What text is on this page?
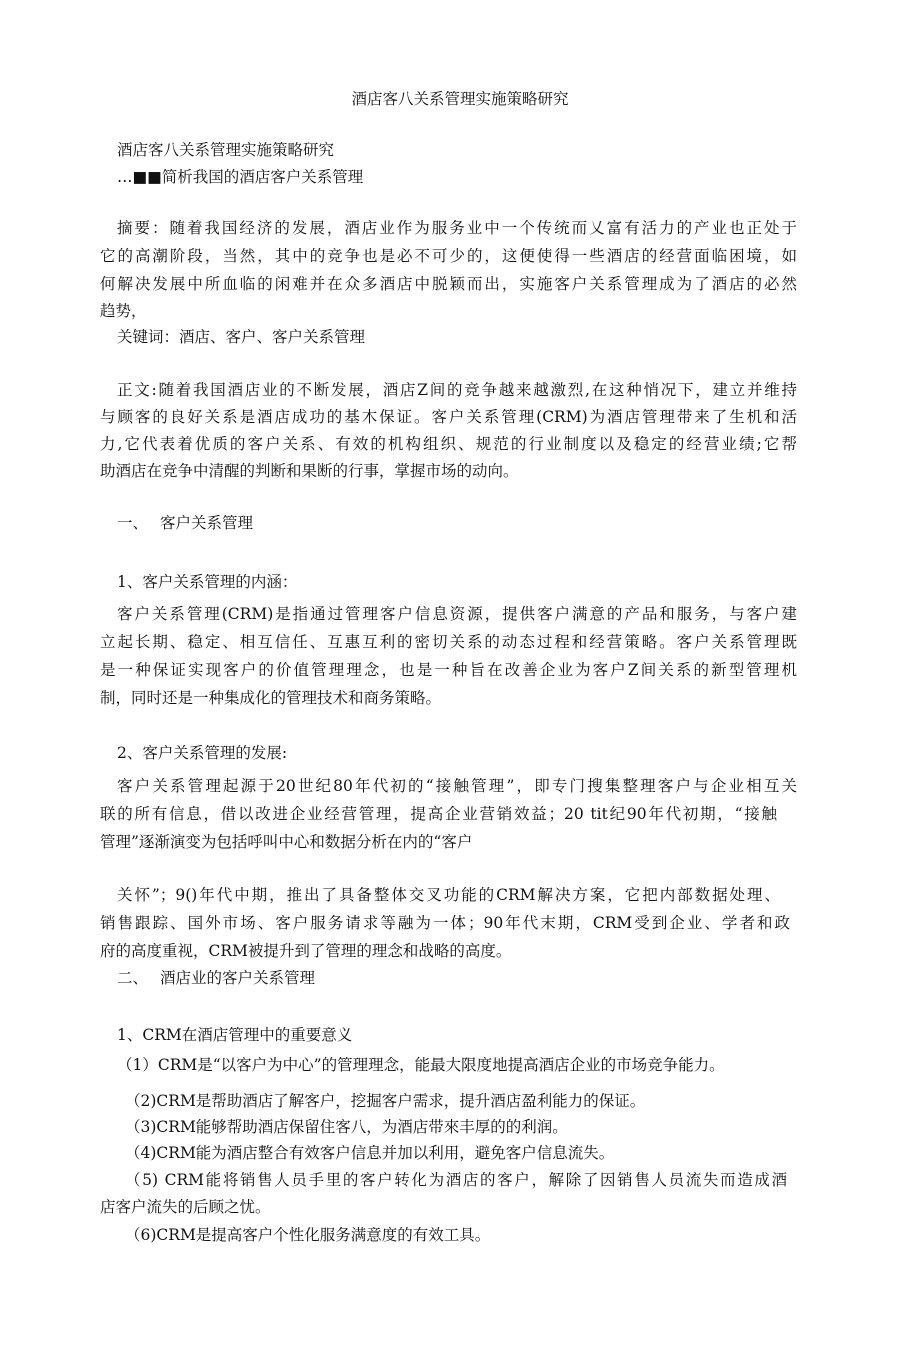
酒店客八关系管理实施策略研究
酒店客八关系管理实施策略研究
…■■简析我国的酒店客户关系管理
摘要：随着我国经济的发展，酒店业作为服务业中一个传统而乂富有活力的产业也正处于
它的高潮阶段，当然，其中的竞争也是必不可少的，这便使得一些酒店的经营面临困境，如
何解决发展中所血临的闲难并在众多酒店中脱颖而出，实施客户关系管理成为了酒店的必然
趋势，
关键词：酒店、客户、客户关系管理
正文:随着我国酒店业的不断发展，酒店Z间的竞争越来越激烈,在这种悄况下，建立并维持
与顾客的良好关系是酒店成功的基木保证。客户关系管理(CRM)为酒店管理带来了生机和活
力,它代表着优质的客户关系、有效的机构组织、规范的行业制度以及稳定的经营业绩;它帮
助酒店在竞争中清醒的判断和果断的行事，掌握市场的动向。
一、 客户关系管理
1、客户关系管理的内涵：
客户关系管理(CRM)是指通过管理客户信息资源，提供客户满意的产品和服务，与客户建
立起长期、稳定、相互信任、互惠互利的密切关系的动态过程和经营策略。客户关系管理既
是一种保证实现客户的价值管理理念，也是一种旨在改善企业为客户Z间关系的新型管理机
制，同时还是一种集成化的管理技术和商务策略。
2、客户关系管理的发展:
客户关系管理起源于20世纪80年代初的“接触管理”，即专门搜集整理客户与企业相互关
联的所有信息，借以改进企业经营管理，提高企业营销效益；20 tit纪90年代初期，“接触
管理”逐渐演变为包括呼叫中心和数据分析在内的“客户
关怀”；9()年代中期，推出了具备整体交叉功能的CRM解决方案，它把内部数据处理、
销售跟踪、国外市场、客户服务请求等融为一体；90年代末期，CRM受到企业、学者和政
府的高度重视，CRM被提升到了管理的理念和战略的高度。
二、 酒店业的客户关系管理
1、CRM在酒店管理中的重要意义
（1）CRM是“以客户为中心”的管理理念，能最大限度地提高酒店企业的市场竞争能力。
（2)CRM是帮助酒店了解客户，挖掘客户需求，提升酒店盈利能力的保证。
（3)CRM能够帮助酒店保留住客八，为酒店带來丰厚的的利润。
（4)CRM能为酒店整合有效客户信息并加以利用，避免客户信息流失。
（5) CRM能将销售人员手里的客户转化为酒店的客户，解除了因销售人员流失而造成酒
店客户流失的后顾之忧。
（6)CRM是提高客户个性化服务满意度的有效工具。
